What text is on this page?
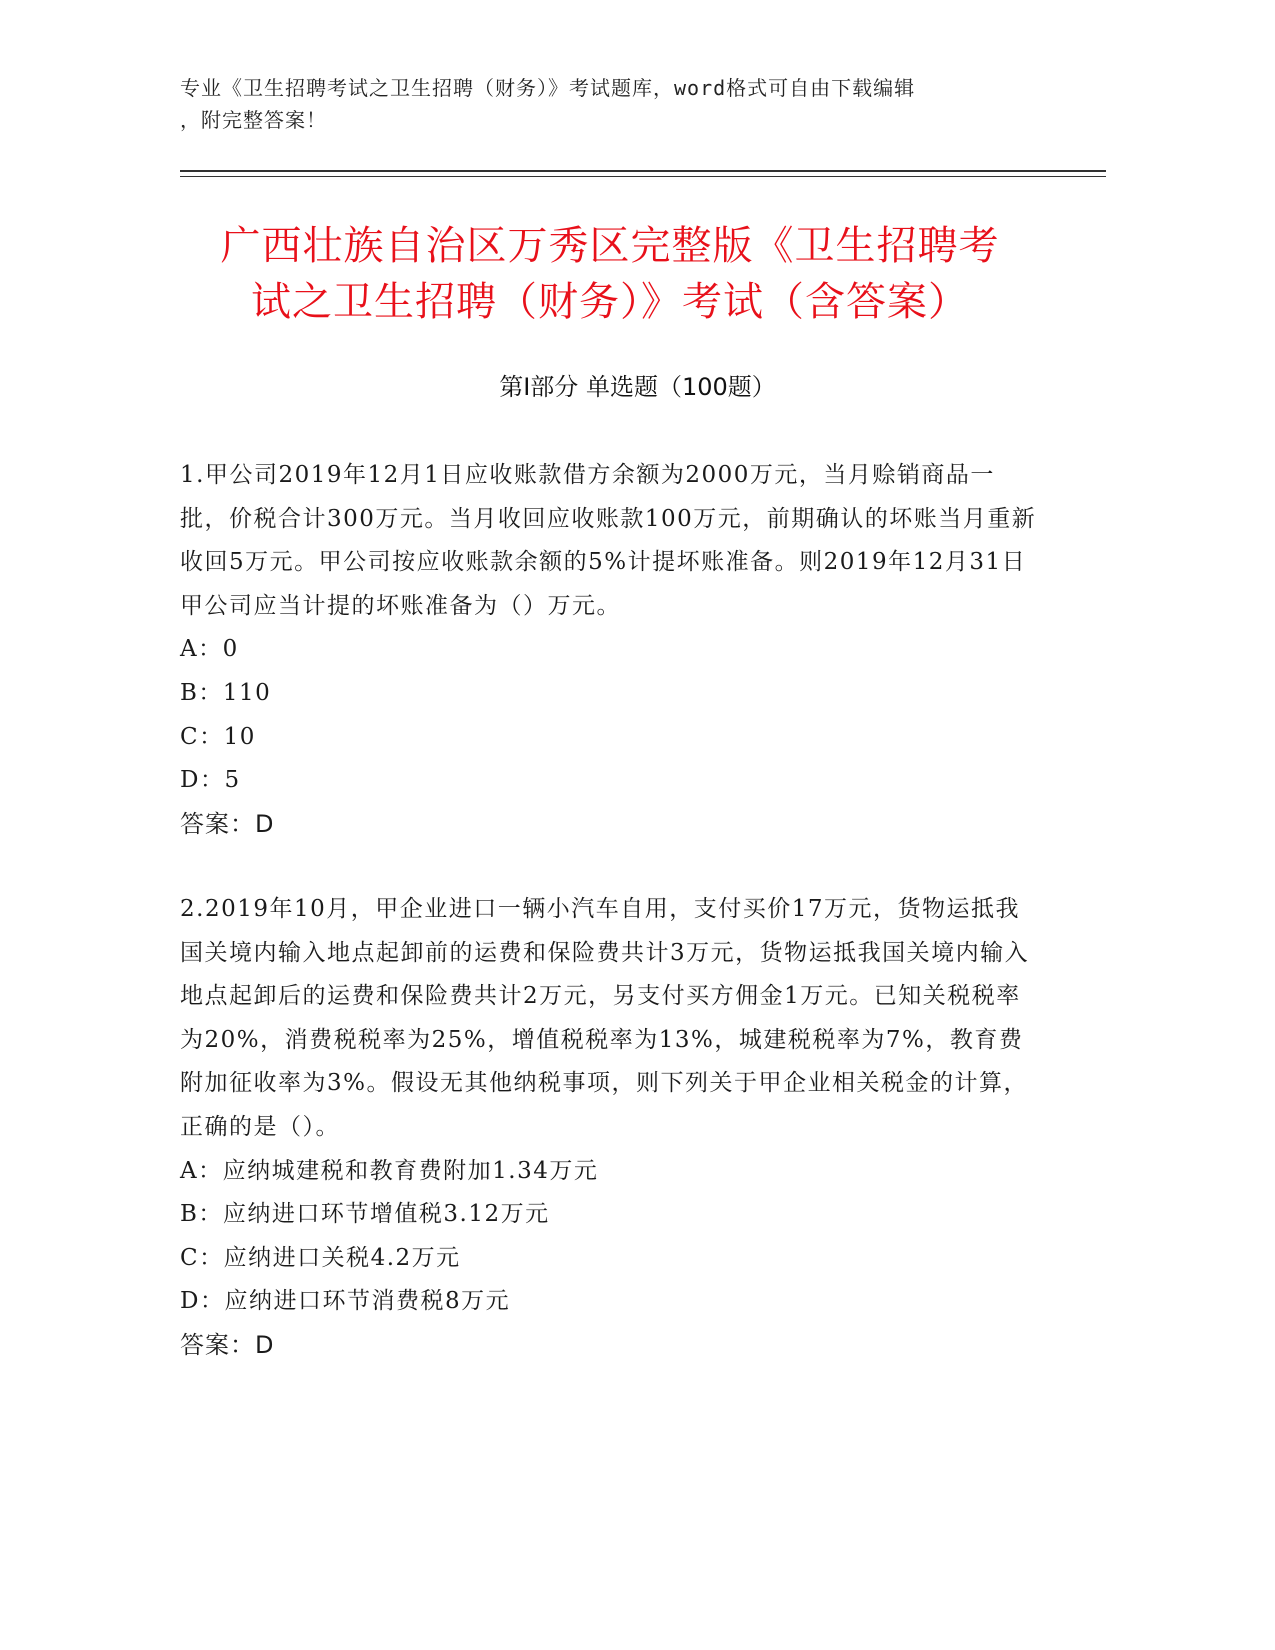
专业《卫生招聘考试之卫生招聘（财务）》考试题库，word格式可自由下载编辑
，附完整答案！
广西壮族自治区万秀区完整版《卫生招聘考
试之卫生招聘（财务）》考试（含答案）
第Ⅰ部分 单选题（100题）

1.甲公司2019年12月1日应收账款借方余额为2000万元，当月赊销商品一批，价税合计300万元。当月收回应收账款100万元，前期确认的坏账当月重新收回5万元。甲公司按应收账款余额的5%计提坏账准备。则2019年12月31日甲公司应当计提的坏账准备为（）万元。

A： 0

B： 110

C： 10

D： 5

答案：D

2.2019年10月，甲企业进口一辆小汽车自用，支付买价17万元，货物运抵我国关境内输入地点起卸前的运费和保险费共计3万元，货物运抵我国关境内输入地点起卸后的运费和保险费共计2万元，另支付买方佣金1万元。已知关税税率为20%，消费税税率为25%，增值税税率为13%，城建税税率为7%，教育费附加征收率为3%。假设无其他纳税事项，则下列关于甲企业相关税金的计算，正确的是（）。

A： 应纳城建税和教育费附加1.34万元

B： 应纳进口环节增值税3.12万元

C： 应纳进口关税4.2万元

D： 应纳进口环节消费税8万元

答案：D
